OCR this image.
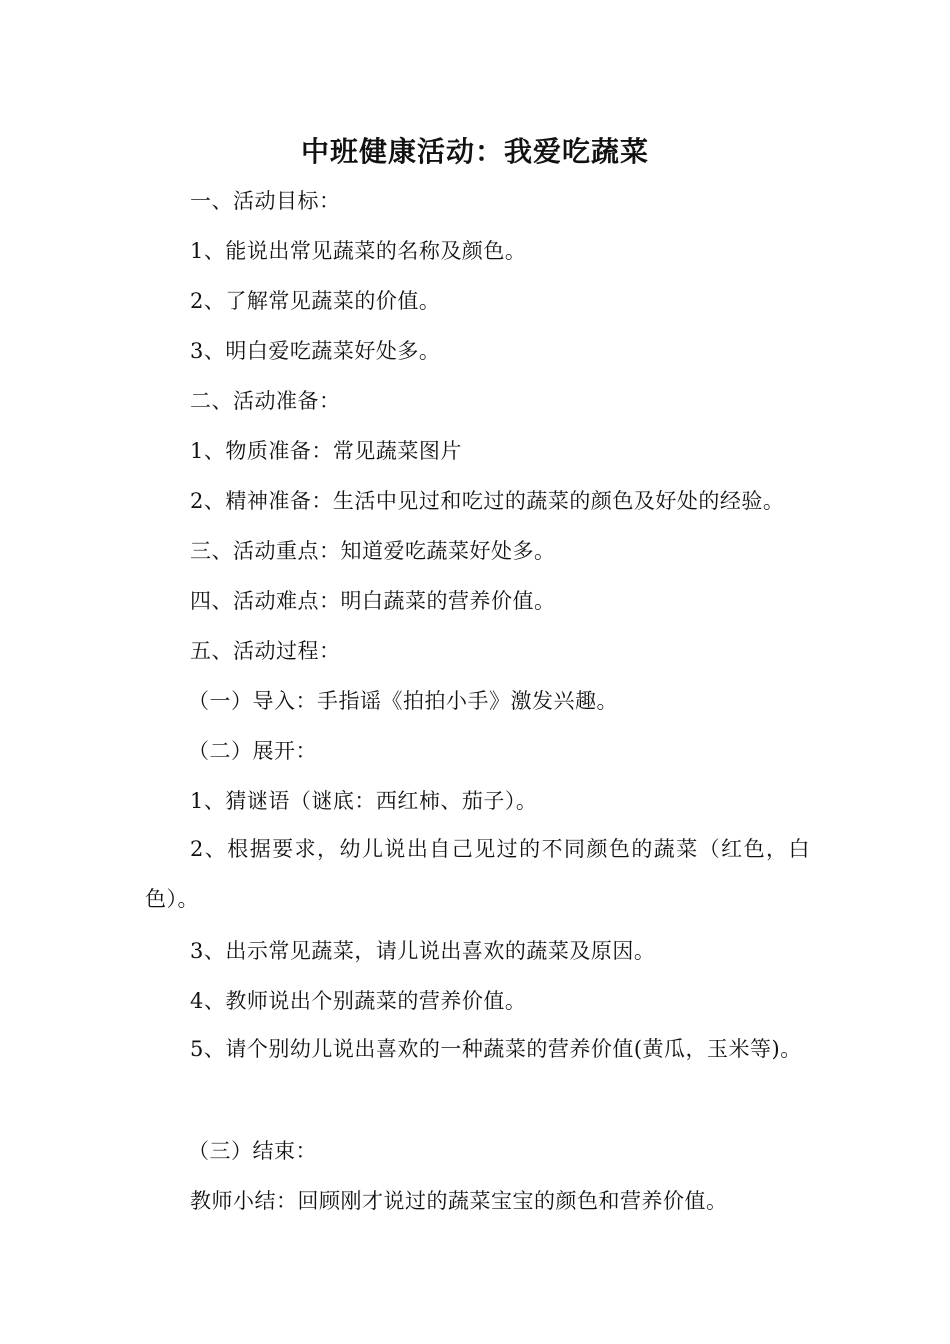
中班健康活动：我爱吃蔬菜
一、活动目标：
1、能说出常见蔬菜的名称及颜色。
2、了解常见蔬菜的价值。
3、明白爱吃蔬菜好处多。
二、活动准备：
1、物质准备：常见蔬菜图片
2、精神准备：生活中见过和吃过的蔬菜的颜色及好处的经验。
三、活动重点：知道爱吃蔬菜好处多。
四、活动难点：明白蔬菜的营养价值。
五、活动过程：
（一）导入：手指谣《拍拍小手》激发兴趣。
（二）展开：
1、猜谜语（谜底：西红柿、茄子）。
2、根据要求，幼儿说出自己见过的不同颜色的蔬菜（红色，白色）。
3、出示常见蔬菜，请儿说出喜欢的蔬菜及原因。
4、教师说出个别蔬菜的营养价值。
5、请个别幼儿说出喜欢的一种蔬菜的营养价值(黄瓜，玉米等)。
（三）结束：
教师小结：回顾刚才说过的蔬菜宝宝的颜色和营养价值。
